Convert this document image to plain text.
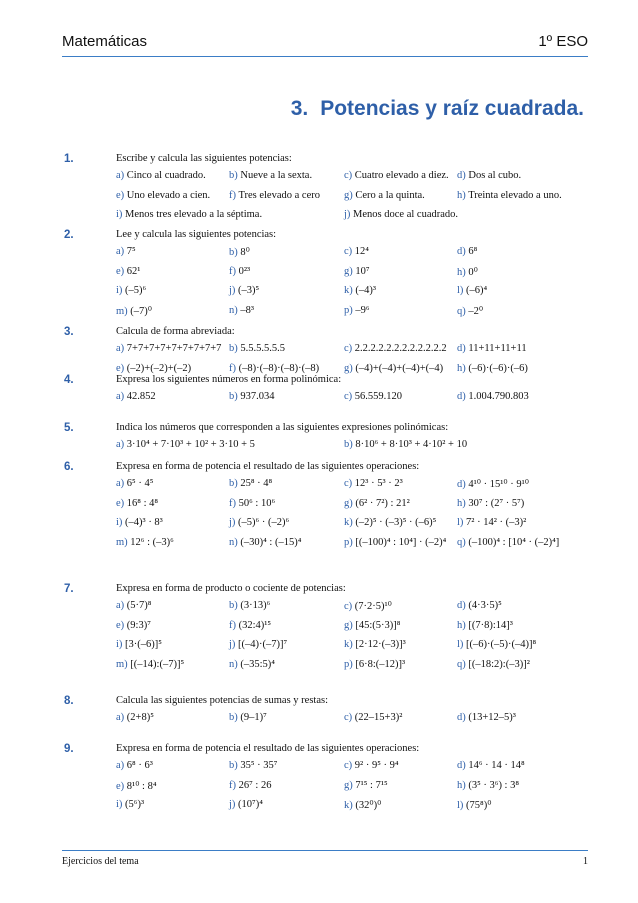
Matemáticas	1º ESO
3. Potencias y raíz cuadrada.
1.	Escribe y calcula las siguientes potencias:
a) Cinco al cuadrado. b) Nueve a la sexta.	c) Cuatro elevado a diez. d) Dos al cubo.
e) Uno elevado a cien. f) Tres elevado a cero g) Cero a la quinta.	h) Treinta elevado a uno.
i) Menos tres elevado a la séptima.	j) Menos doce al cuadrado.
2.	Lee y calcula las siguientes potencias:
a) 7⁵	b) 8⁰	c) 12⁴	d) 6⁸
e) 62¹	f) 0²³	g) 10⁷	h) 0⁰
i) (–5)⁶	j) (–3)⁵	k) (–4)³	l) (–6)⁴
m) (–7)⁰	n) –8³	p) –9⁶	q) –2⁰
3.	Calcula de forma abreviada:
a) 7+7+7+7+7+7+7+7+7 b) 5.5.5.5.5.5	c) 2.2.2.2.2.2.2.2.2.2.2.2 d) 11+11+11+11
e) (–2)+(–2)+(–2)	f) (–8)·(–8)·(–8)·(–8) g) (–4)+(–4)+(–4)+(–4) h) (–6)·(–6)·(–6)
4.	Expresa los siguientes números en forma polinómica:
a) 42.852	b) 937.034	c) 56.559.120	d) 1.004.790.803
5.	Indica los números que corresponden a las siguientes expresiones polinómicas:
a) 3·10⁴ + 7·10³ + 10² + 3·10 + 5	b) 8·10⁶ + 8·10³ + 4·10² + 10
6.	Expresa en forma de potencia el resultado de las siguientes operaciones:
a) 6⁵ · 4⁵	b) 25⁸ · 4⁸	c) 12³ · 5³ · 2³	d) 4¹⁰ · 15¹⁰ · 9¹⁰
e) 16⁸ : 4⁸	f) 50⁶ : 10⁶	g) (6² · 7²) : 21²	h) 30⁷ : (2⁷ · 5⁷)
i) (–4)³ · 8³	j) (–5)⁶ · (–2)⁶	k) (–2)⁵ · (–3)⁵ · (–6)⁵ l) 7² · 14² · (–3)²
m) 12⁶ : (–3)⁶	n) (–30)⁴ : (–15)⁴	p) [(–100)⁴ : 10⁴] · (–2)⁴ q) (–100)⁴ : [10⁴ · (–2)⁴]
7.	Expresa en forma de producto o cociente de potencias:
a) (5·7)⁸	b) (3·13)⁶	c) (7·2·5)¹⁰	d) (4·3·5)⁵
e) (9:3)⁷	f) (32:4)¹⁵	g) [45:(5·3)]⁸	h) [(7·8):14]³
i) [3·(–6)]⁵	j) [(–4)·(–7)]⁷	k) [2·12·(–3)]³	l) [(–6)·(–5)·(–4)]⁸
m) [(–14):(–7)]⁵	n) (–35:5)⁴	p) [6·8:(–12)]³	q) [(–18:2):(–3)]²
8.	Calcula las siguientes potencias de sumas y restas:
a) (2+8)⁵	b) (9–1)⁷	c) (22–15+3)²	d) (13+12–5)³
9.	Expresa en forma de potencia el resultado de las siguientes operaciones:
a) 6⁸ · 6³	b) 35⁵ · 35⁷	c) 9² · 9⁵ · 9⁴	d) 14⁶ · 14 · 14⁸
e) 8¹⁰ : 8⁴	f) 26⁷ : 26	g) 7¹⁵ : 7¹⁵	h) (3⁵ · 3⁶) : 3⁸
i) (5⁶)³	j) (10⁷)⁴	k) (32⁰)⁰	l) (75⁸)⁰
Ejercicios del tema	1
